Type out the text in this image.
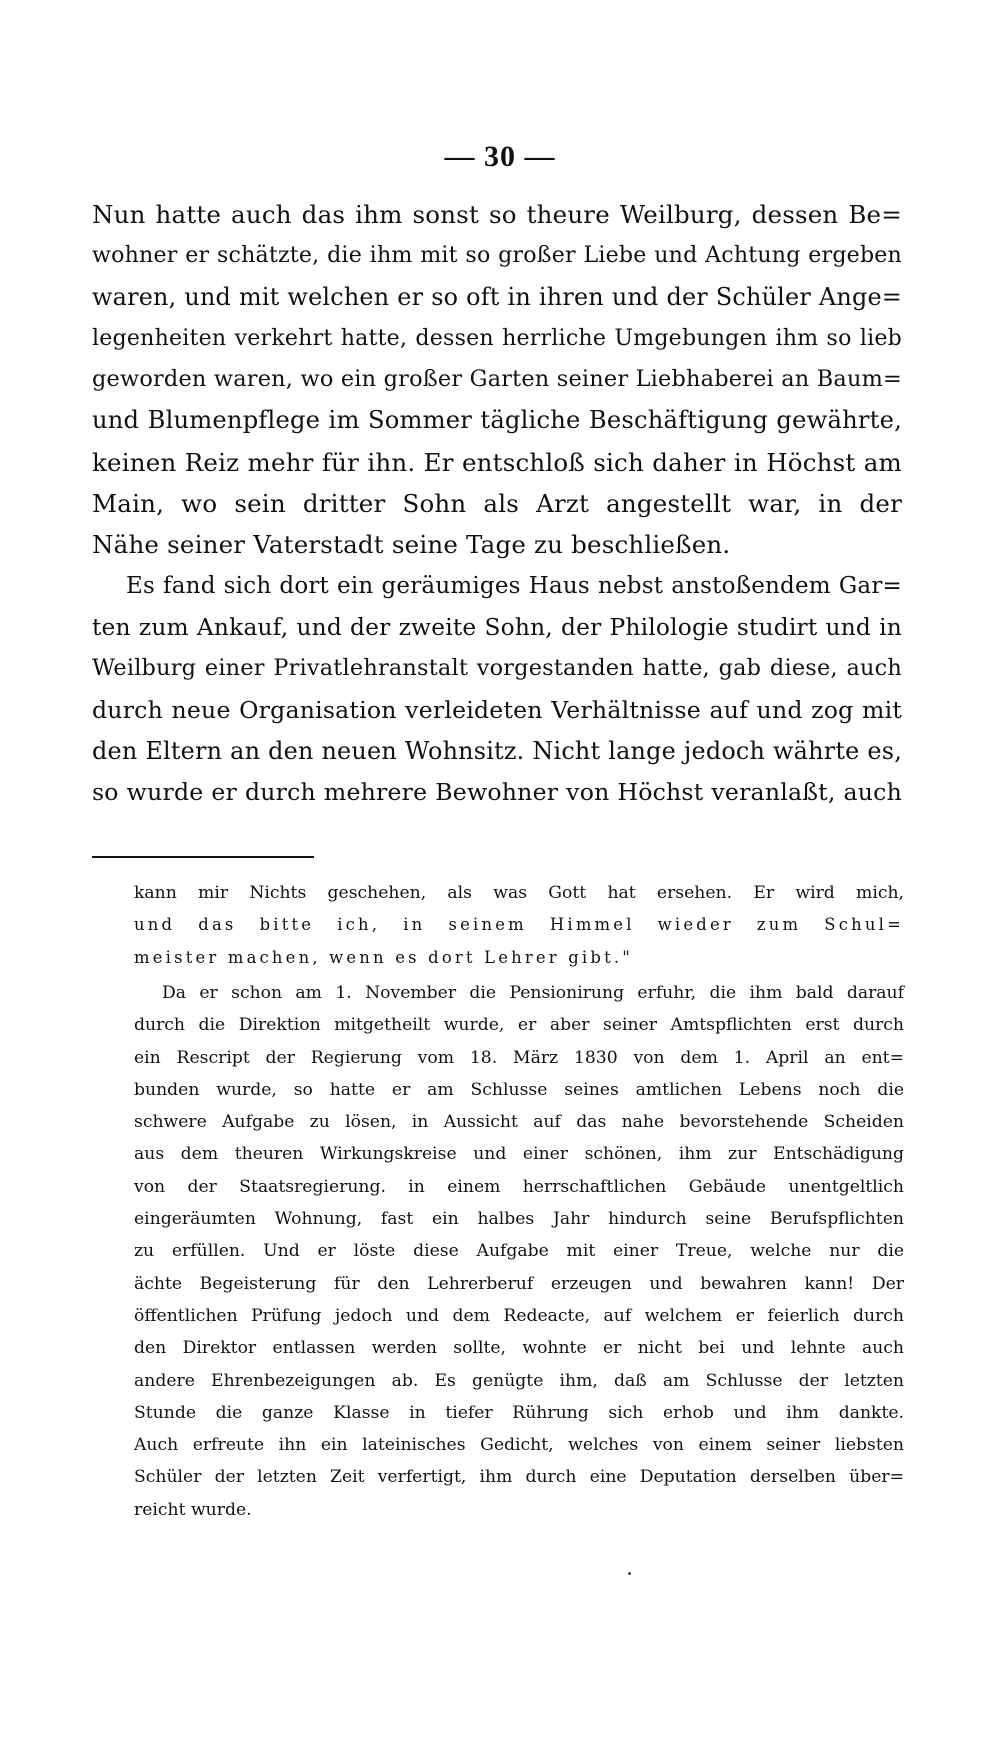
— 30 —
Nun hatte auch das ihm sonst so theure Weilburg, dessen Be=
wohner er schätzte, die ihm mit so großer Liebe und Achtung ergeben
waren, und mit welchen er so oft in ihren und der Schüler Ange=
legenheiten verkehrt hatte, dessen herrliche Umgebungen ihm so lieb
geworden waren, wo ein großer Garten seiner Liebhaberei an Baum=
und Blumenpflege im Sommer tägliche Beschäftigung gewährte,
keinen Reiz mehr für ihn. Er entschloß sich daher in Höchst am
Main, wo sein dritter Sohn als Arzt angestellt war, in der
Nähe seiner Vaterstadt seine Tage zu beschließen.
Es fand sich dort ein geräumiges Haus nebst anstoßendem Gar=
ten zum Ankauf, und der zweite Sohn, der Philologie studirt und in
Weilburg einer Privatlehranstalt vorgestanden hatte, gab diese, auch
durch neue Organisation verleideten Verhältnisse auf und zog mit
den Eltern an den neuen Wohnsitz. Nicht lange jedoch währte es,
so wurde er durch mehrere Bewohner von Höchst veranlaßt, auch
kann mir Nichts geschehen, als was Gott hat ersehen. Er wird mich,
und das bitte ich, in seinem Himmel wieder zum Schul=
meister machen, wenn es dort Lehrer gibt."
Da er schon am 1. November die Pensionirung erfuhr, die ihm bald darauf
durch die Direktion mitgetheilt wurde, er aber seiner Amtspflichten erst durch
ein Rescript der Regierung vom 18. März 1830 von dem 1. April an ent=
bunden wurde, so hatte er am Schlusse seines amtlichen Lebens noch die
schwere Aufgabe zu lösen, in Aussicht auf das nahe bevorstehende Scheiden
aus dem theuren Wirkungskreise und einer schönen, ihm zur Entschädigung
von der Staatsregierung. in einem herrschaftlichen Gebäude unentgeltlich
eingeräumten Wohnung, fast ein halbes Jahr hindurch seine Berufspflichten
zu erfüllen. Und er löste diese Aufgabe mit einer Treue, welche nur die
ächte Begeisterung für den Lehrerberuf erzeugen und bewahren kann! Der
öffentlichen Prüfung jedoch und dem Redeacte, auf welchem er feierlich durch
den Direktor entlassen werden sollte, wohnte er nicht bei und lehnte auch
andere Ehrenbezeigungen ab. Es genügte ihm, daß am Schlusse der letzten
Stunde die ganze Klasse in tiefer Rührung sich erhob und ihm dankte.
Auch erfreute ihn ein lateinisches Gedicht, welches von einem seiner liebsten
Schüler der letzten Zeit verfertigt, ihm durch eine Deputation derselben über=
reicht wurde.
